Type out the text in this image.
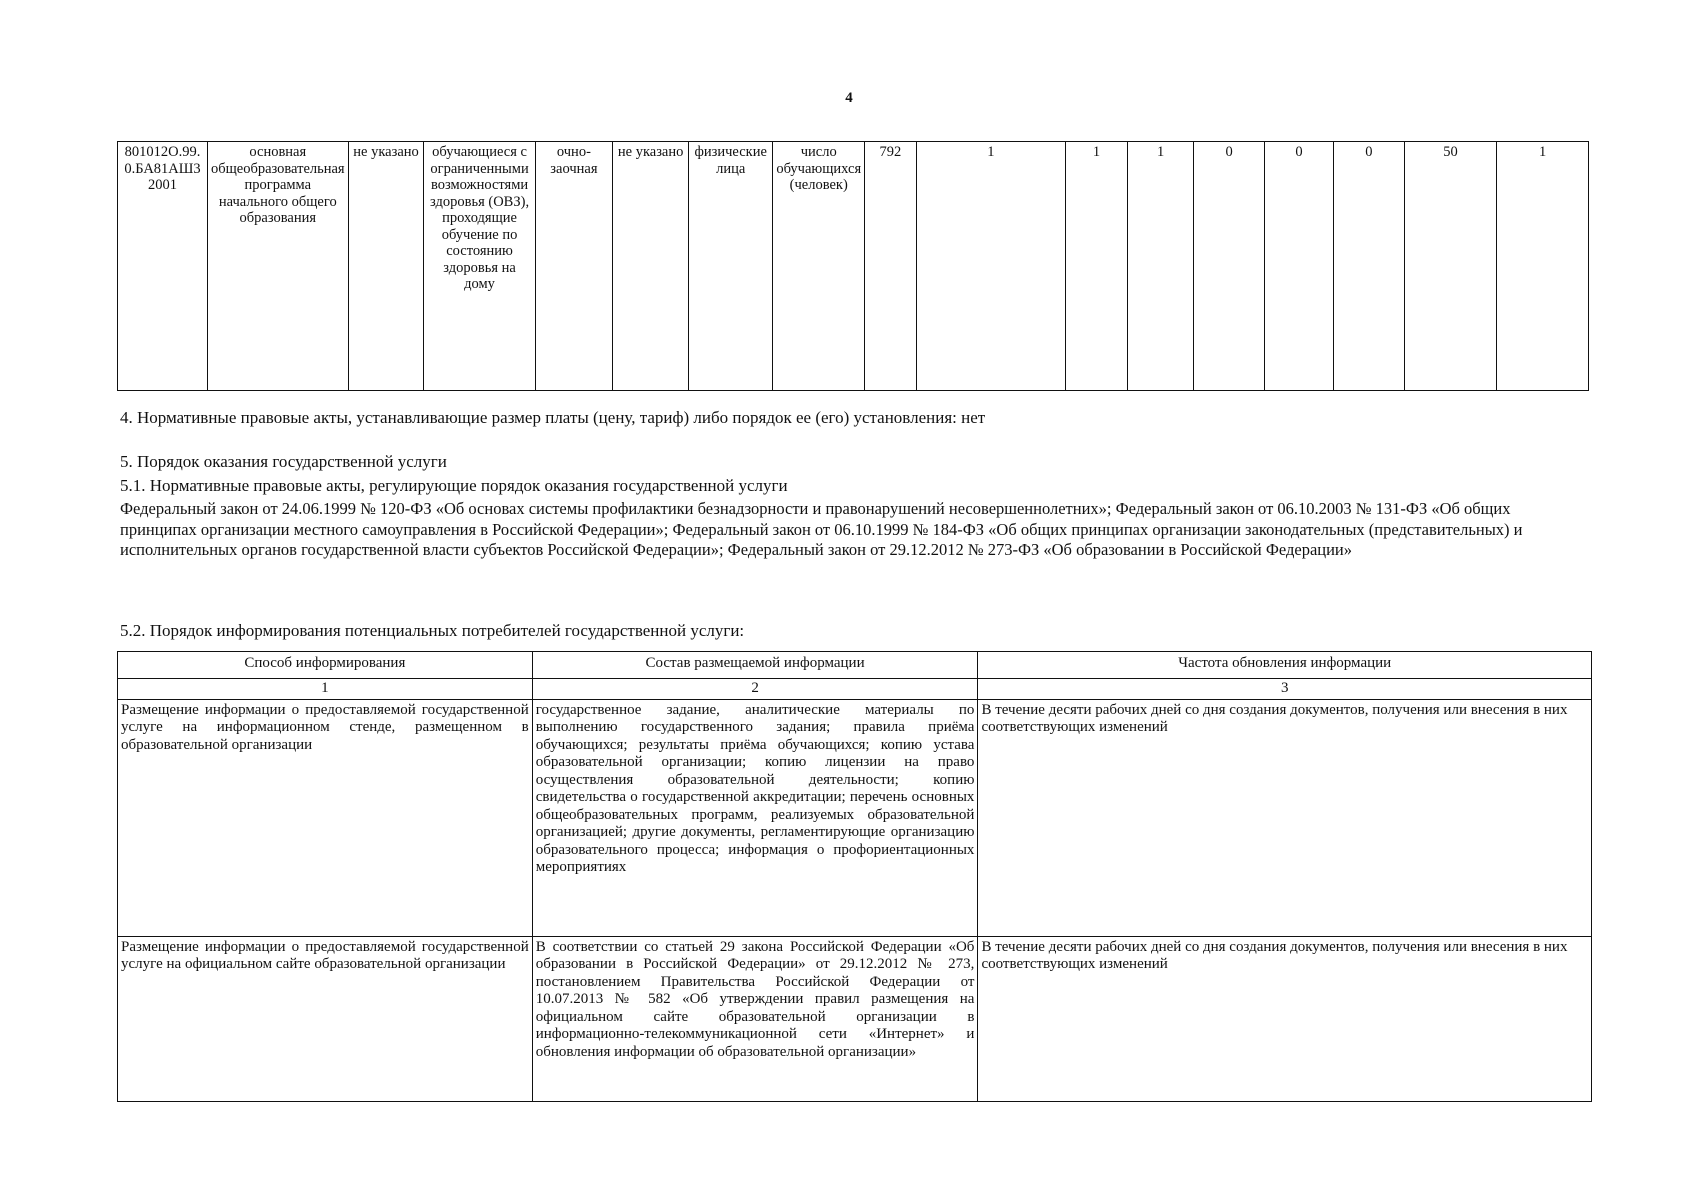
4
801012О.99.0.БА81АШ32001	основная общеобразовательная программа начального общего образования	не указано	обучающиеся с ограниченными возможностями здоровья (ОВЗ), проходящие обучение по состоянию здоровья на дому	очно-заочная	не указано	физические лица	число обучающихся (человек)	792	1	1	1	0	0	0	50	1
4. Нормативные правовые акты, устанавливающие размер платы (цену, тариф) либо порядок ее (его) установления: нет
5. Порядок оказания государственной услуги
5.1. Нормативные правовые акты, регулирующие порядок оказания государственной услуги
Федеральный закон от 24.06.1999 № 120-ФЗ «Об основах системы профилактики безнадзорности и правонарушений несовершеннолетних»; Федеральный закон от 06.10.2003 № 131-ФЗ «Об общих принципах организации местного самоуправления в Российской Федерации»; Федеральный закон от 06.10.1999 № 184-ФЗ «Об общих принципах организации законодательных (представительных) и исполнительных органов государственной власти субъектов Российской Федерации»; Федеральный закон от 29.12.2012 № 273-ФЗ «Об образовании в Российской Федерации»
5.2. Порядок информирования потенциальных потребителей государственной услуги:
Способ информирования	Состав размещаемой информации	Частота обновления информации
1	2	3
Размещение информации о предоставляемой государственной услуге на информационном стенде, размещенном в образовательной организации	государственное задание, аналитические материалы по выполнению государственного задания; правила приёма обучающихся; результаты приёма обучающихся; копию устава образовательной организации; копию лицензии на право осуществления образовательной деятельности; копию свидетельства о государственной аккредитации; перечень основных общеобразовательных программ, реализуемых образовательной организацией; другие документы, регламентирующие организацию образовательного процесса; информация о профориентационных мероприятиях	В течение десяти рабочих дней со дня создания документов, получения или внесения в них соответствующих изменений
Размещение информации о предоставляемой государственной услуге на официальном сайте образовательной организации	В соответствии со статьей 29 закона Российской Федерации «Об образовании в Российской Федерации» от 29.12.2012 № 273, постановлением Правительства Российской Федерации от 10.07.2013 № 582 «Об утверждении правил размещения на официальном сайте образовательной организации в информационно-телекоммуникационной сети «Интернет» и обновления информации об образовательной организации»	В течение десяти рабочих дней со дня создания документов, получения или внесения в них соответствующих изменений
